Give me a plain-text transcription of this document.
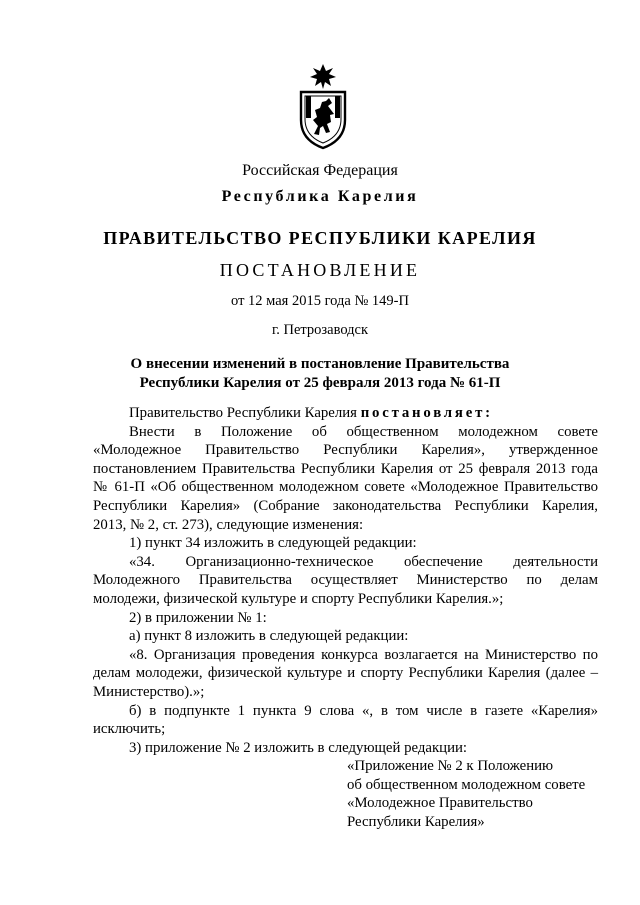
Российская Федерация
Республика Карелия
ПРАВИТЕЛЬСТВО РЕСПУБЛИКИ КАРЕЛИЯ
ПОСТАНОВЛЕНИЕ
от 12 мая 2015 года № 149-П
г. Петрозаводск
О внесении изменений в постановление Правительства
Республики Карелия от 25 февраля 2013 года № 61-П
Правительство Республики Карелия постановляет:
Внести в Положение об общественном молодежном совете
«Молодежное Правительство Республики Карелия», утвержденное
постановлением Правительства Республики Карелия от 25 февраля 2013 года
№ 61-П «Об общественном молодежном совете «Молодежное Правительство
Республики Карелия» (Собрание законодательства Республики Карелия,
2013, № 2, ст. 273), следующие изменения:
1) пункт 34 изложить в следующей редакции:
«34. Организационно-техническое обеспечение деятельности
Молодежного Правительства осуществляет Министерство по делам
молодежи, физической культуре и спорту Республики Карелия.»;
2) в приложении № 1:
а) пункт 8 изложить в следующей редакции:
«8. Организация проведения конкурса возлагается на Министерство по
делам молодежи, физической культуре и спорту Республики Карелия (далее –
Министерство).»;
б) в подпункте 1 пункта 9 слова «, в том числе в газете «Карелия»
исключить;
3) приложение № 2 изложить в следующей редакции:
«Приложение № 2 к Положению
об общественном молодежном совете
«Молодежное Правительство
Республики Карелия»
